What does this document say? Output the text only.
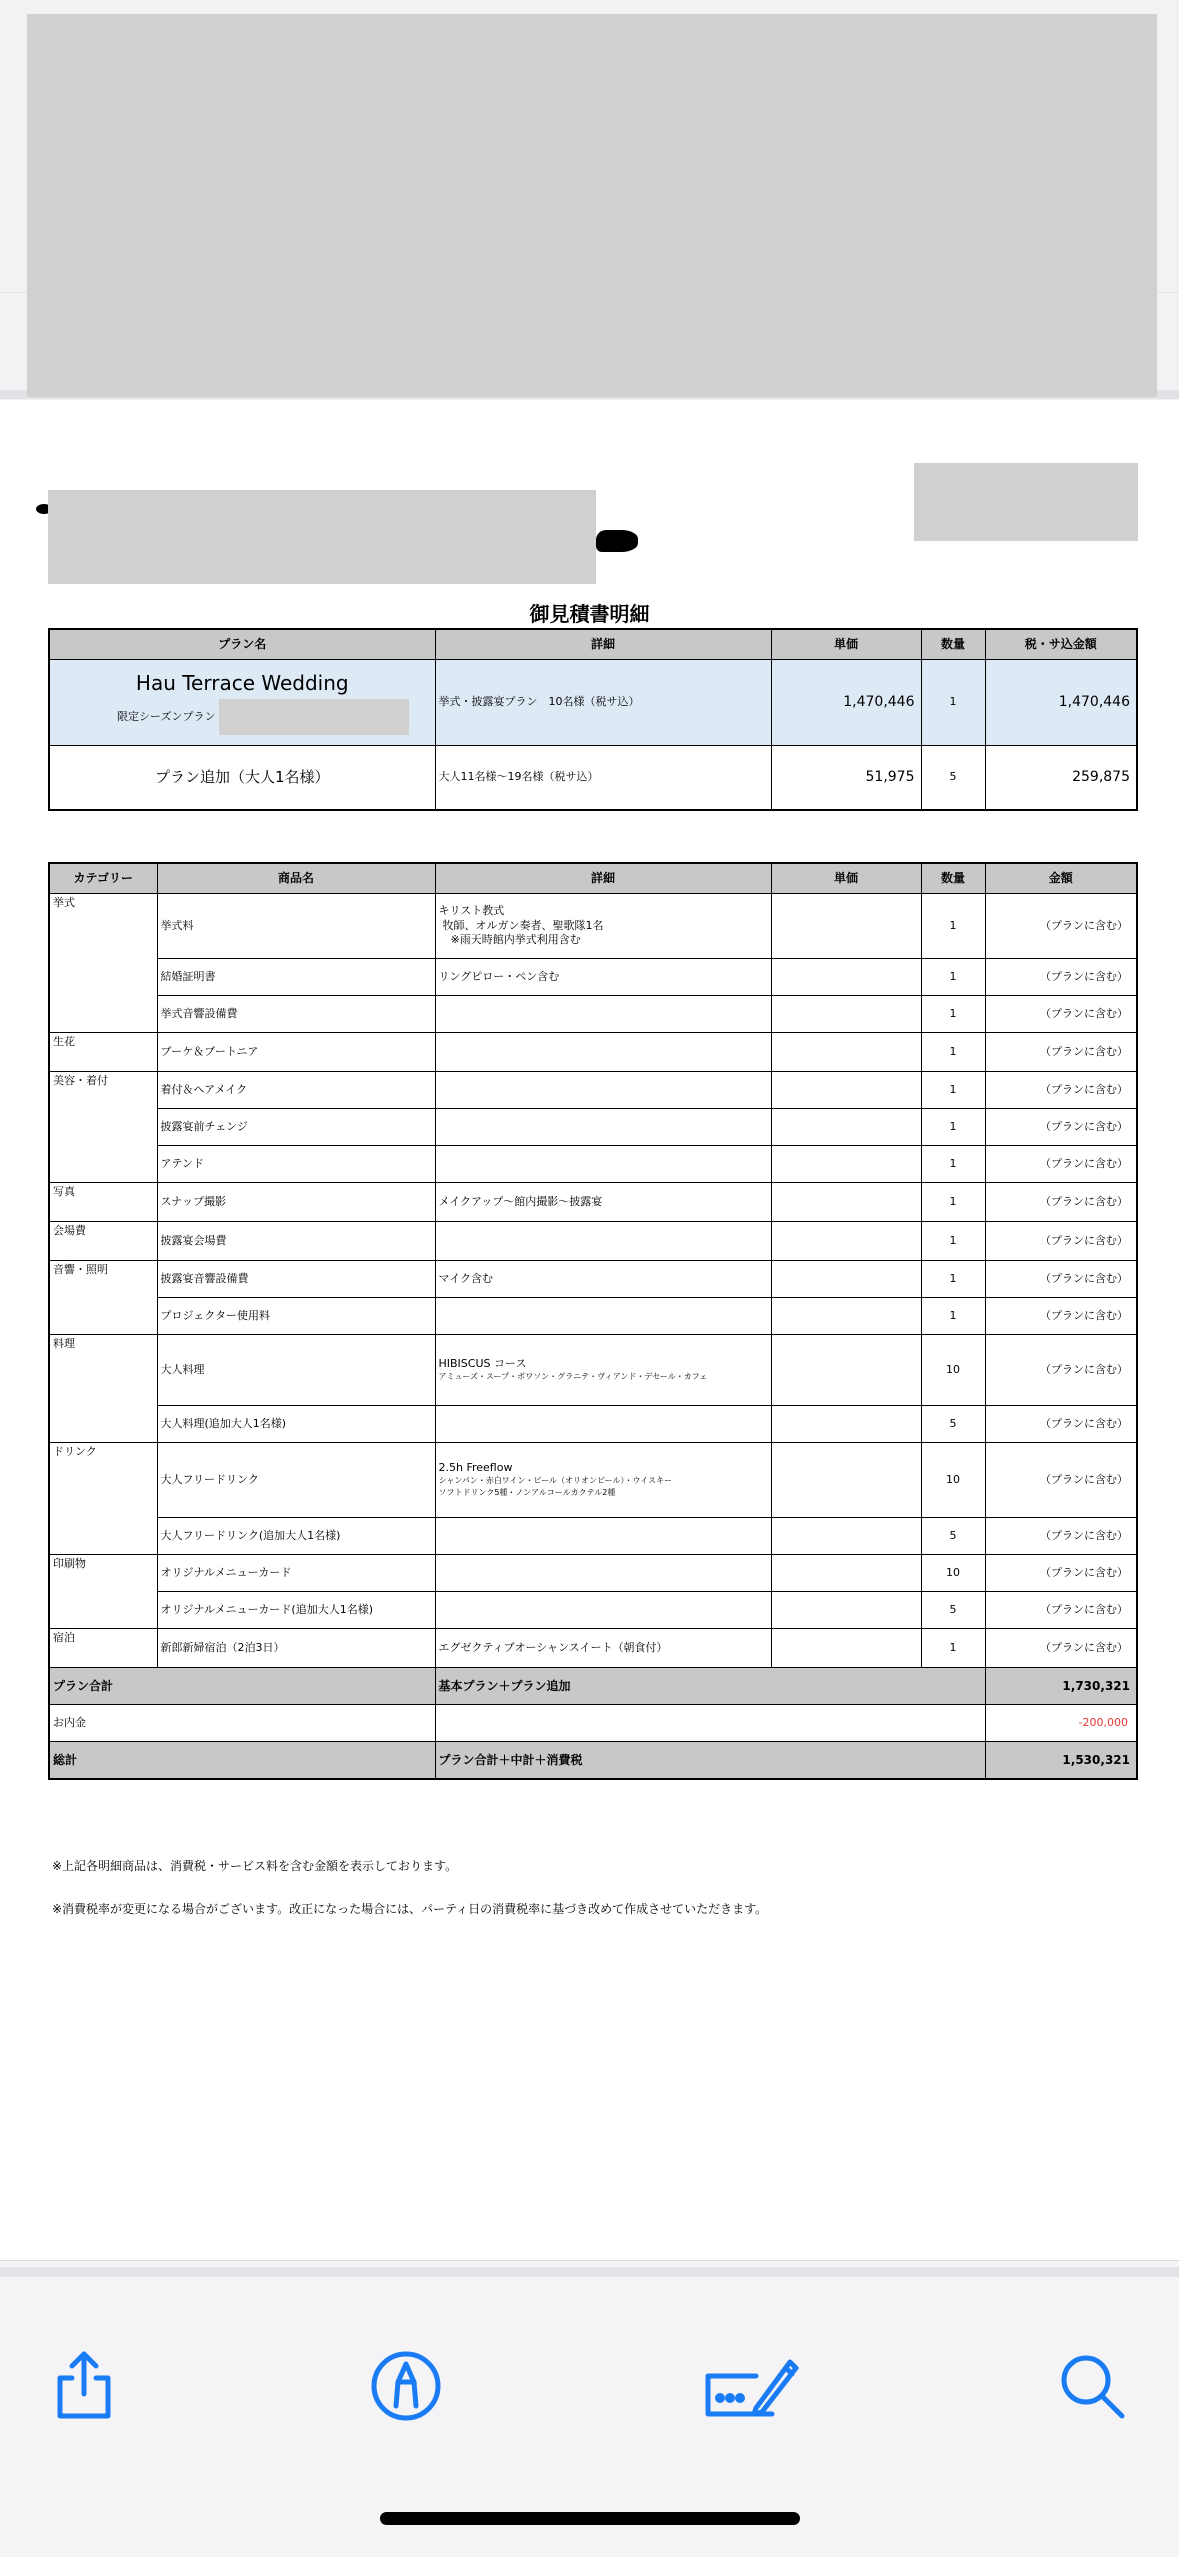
御見積書明細
プラン名	詳細	単価	数量	税・サ込金額

Hau Terrace Wedding
限定シーズンプラン	挙式・披露宴プラン　10名様（税サ込）	1,470,446	1	1,470,446
プラン追加（大人1名様）	大人11名様〜19名様（税サ込）	51,975	5	259,875
カテゴリー	商品名	詳細	単価	数量	金額
挙式	挙式料	キリスト教式
牧師、オルガン奏者、聖歌隊1名
※雨天時館内挙式利用含む		1	（プランに含む）
	結婚証明書	リングピロー・ペン含む		1	（プランに含む）
	挙式音響設備費			1	（プランに含む）
生花	ブーケ＆ブートニア			1	（プランに含む）
美容・着付	着付＆ヘアメイク			1	（プランに含む）
	披露宴前チェンジ			1	（プランに含む）
	アテンド			1	（プランに含む）
写真	スナップ撮影	メイクアップ〜館内撮影〜披露宴		1	（プランに含む）
会場費	披露宴会場費			1	（プランに含む）
音響・照明	披露宴音響設備費	マイク含む		1	（プランに含む）
	プロジェクター使用料			1	（プランに含む）
料理	大人料理	HIBISCUS コース
アミューズ・スープ・ポワソン・グラニテ・ヴィアンド・デセール・カフェ		10	（プランに含む）
	大人料理(追加大人1名様)			5	（プランに含む）
ドリンク	大人フリードリンク	2.5h Freeflow
シャンパン・赤白ワイン・ビール（オリオンビール）・ウイスキー
ソフトドリンク5種・ノンアルコールカクテル2種		10	（プランに含む）
	大人フリードリンク(追加大人1名様)			5	（プランに含む）
印刷物	オリジナルメニューカード			10	（プランに含む）
	オリジナルメニューカード(追加大人1名様)			5	（プランに含む）
宿泊	新郎新婦宿泊（2泊3日）	エグゼクティブオーシャンスイート（朝食付）		1	（プランに含む）
プラン合計		基本プラン＋プラン追加			1,730,321
お内金					-200,000
総計		プラン合計＋中計＋消費税			1,530,321
※上記各明細商品は、消費税・サービス料を含む金額を表示しております。
※消費税率が変更になる場合がございます。改正になった場合には、パーティ日の消費税率に基づき改めて作成させていただきます。
